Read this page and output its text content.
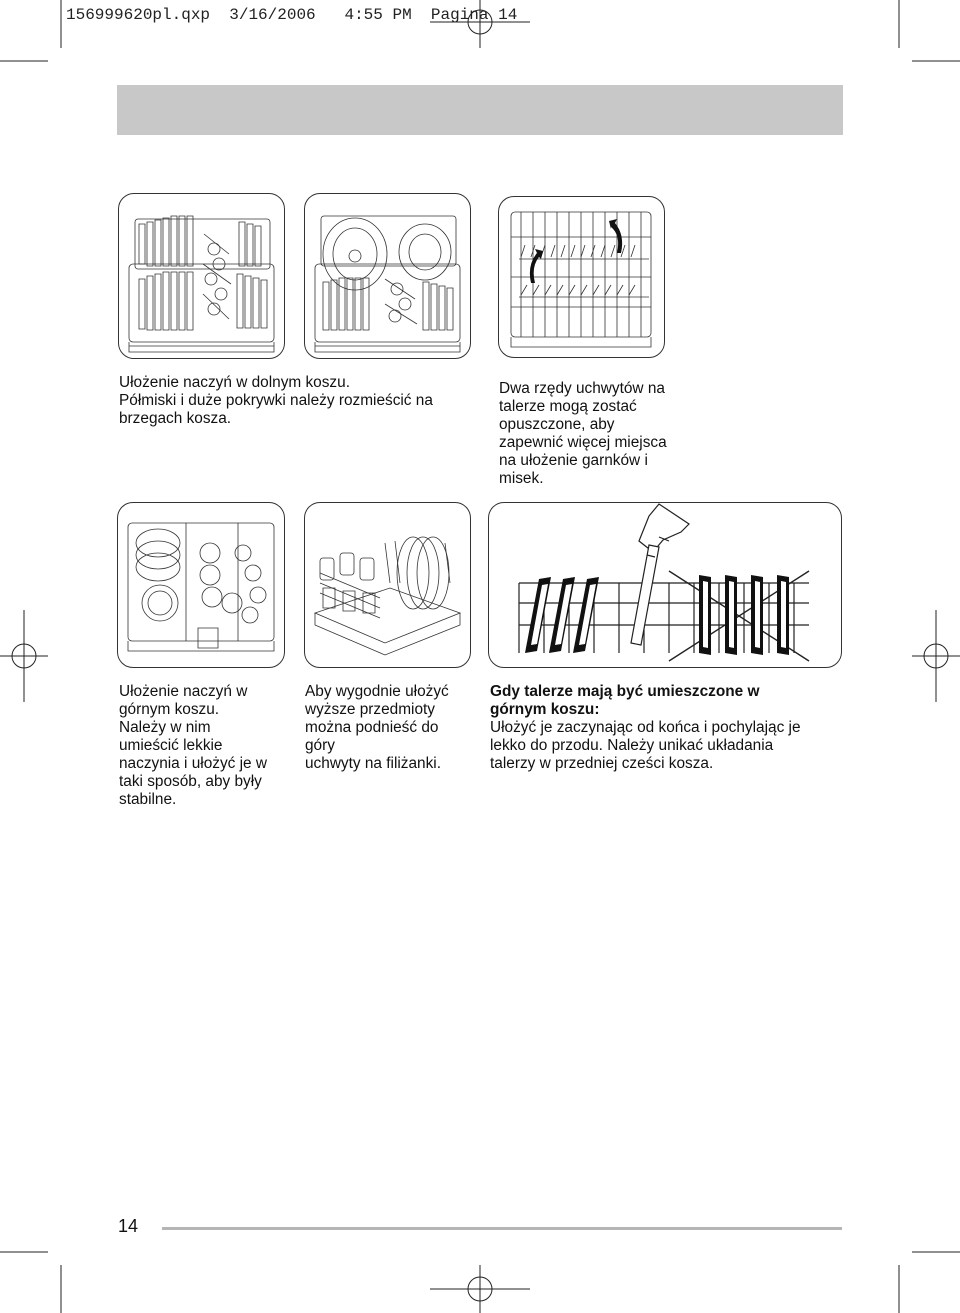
156999620pl.qxp 3/16/2006 4:55 PM Pagina 14

Ułożenie naczyń w dolnym koszu.

Półmiski i duże pokrywki należy rozmieścić na

brzegach kosza.

Dwa rzędy uchwytów na

talerze mogą zostać

opuszczone, aby

zapewnić więcej miejsca

na ułożenie garnków i

misek.

Ułożenie naczyń w

górnym koszu.

Należy w nim

umieścić lekkie

naczynia i ułożyć je w

taki sposób, aby były

stabilne.

Aby wygodnie ułożyć

wyższe przedmioty

można podnieść do

góry

uchwyty na filiżanki.

Gdy talerze mają być umieszczone w

górnym koszu:

Ułożyć je zaczynając od końca i pochylając je

lekko do przodu. Należy unikać układania

talerzy w przedniej cześci kosza.

14
